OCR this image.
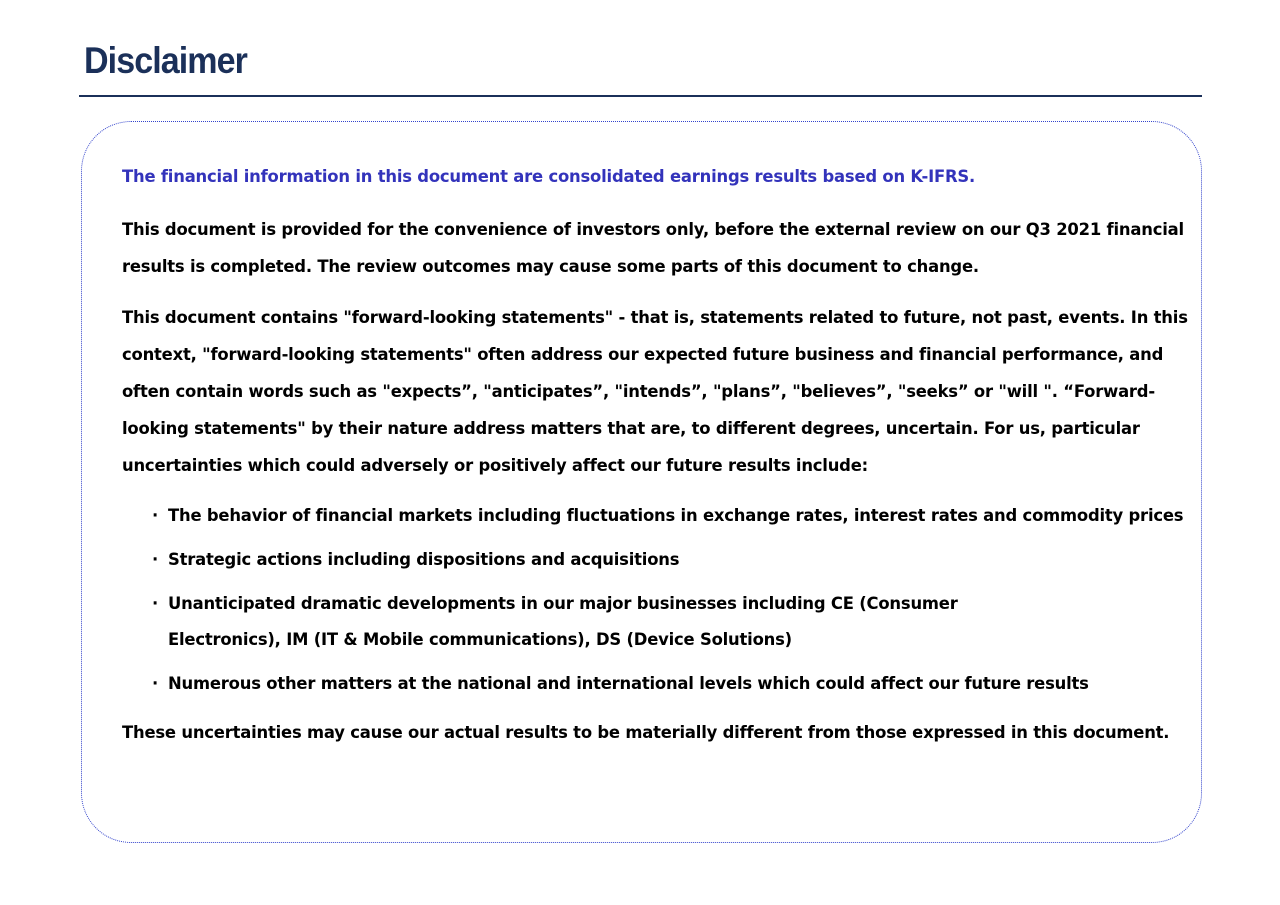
Disclaimer

The financial information in this document are consolidated earnings results based on K-IFRS.

This document is provided for the convenience of investors only, before the external review on our Q3 2021 financial results is completed. The review outcomes may cause some parts of this document to change.

This document contains "forward-looking statements" - that is, statements related to future, not past, events. In this context, "forward-looking statements" often address our expected future business and financial performance, and often contain words such as "expects”, "anticipates”, "intends”, "plans”, "believes”, "seeks” or "will ". “Forward-looking statements" by their nature address matters that are, to different degrees, uncertain. For us, particular uncertainties which could adversely or positively affect our future results include:

· The behavior of financial markets including fluctuations in exchange rates, interest rates and commodity prices
· Strategic actions including dispositions and acquisitions
· Unanticipated dramatic developments in our major businesses including CE (Consumer Electronics), IM (IT & Mobile communications), DS (Device Solutions)
· Numerous other matters at the national and international levels which could affect our future results

These uncertainties may cause our actual results to be materially different from those expressed in this document.
